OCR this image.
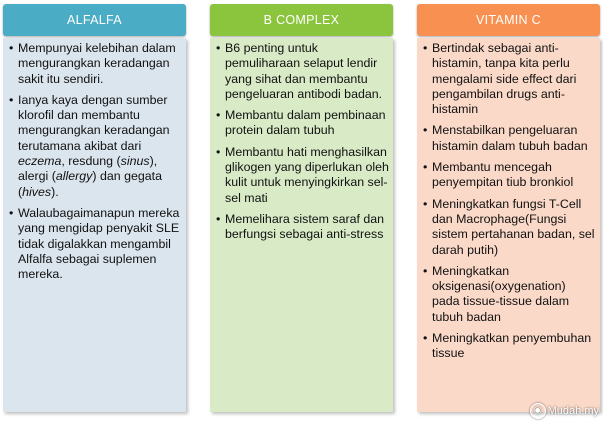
ALFALFA
• Mempunyai kelebihan dalam mengurangkan keradangan sakit itu sendiri.
• Ianya kaya dengan sumber klorofil dan membantu mengurangkan keradangan terutamana akibat dari eczema, resdung (sinus), alergi (allergy) dan gegata (hives).
• Walaubagaimanapun mereka yang mengidap penyakit SLE tidak digalakkan mengambil Alfalfa sebagai suplemen mereka.
B COMPLEX
• B6 penting untuk pemuliharaan selaput lendir yang sihat dan membantu pengeluaran antibodi badan.
• Membantu dalam pembinaan protein dalam tubuh
• Membantu hati menghasilkan glikogen yang diperlukan oleh kulit untuk menyingkirkan sel-sel mati
• Memelihara sistem saraf dan berfungsi sebagai anti-stress
VITAMIN C
• Bertindak sebagai anti-histamin, tanpa kita perlu mengalami side effect dari pengambilan drugs anti-histamin
• Menstabilkan pengeluaran histamin dalam tubuh badan
• Membantu mencegah penyempitan tiub bronkiol
• Meningkatkan fungsi T-Cell dan Macrophage(Fungsi sistem pertahanan badan, sel darah putih)
• Meningkatkan oksigenasi(oxygenation) pada tissue-tissue dalam tubuh badan
• Meningkatkan penyembuhan tissue
◉ Mudah.my
